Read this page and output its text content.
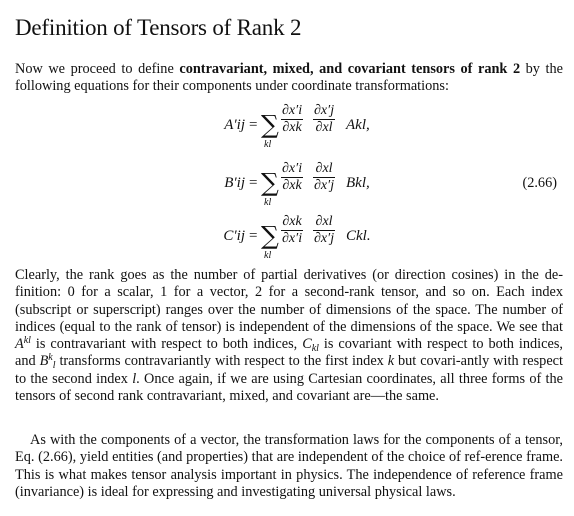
Definition of Tensors of Rank 2
Now we proceed to define contravariant, mixed, and covariant tensors of rank 2 by the following equations for their components under coordinate transformations:
A′ij = ∑
kl
$\frac{\partial x'i}{\partial xk} \frac{\partial x'j}{\partial xl}$ Akl,
B′ij = ∑
kl
$\frac{\partial x'i}{\partial xk} \frac{\partial xl}{\partial x'j}$ Bkl,	(2.66)
C′ij = ∑
kl
$\frac{\partial xk}{\partial x'i} \frac{\partial xl}{\partial x'j}$ Ckl.
Clearly, the rank goes as the number of partial derivatives (or direction cosines) in the de-finition: 0 for a scalar, 1 for a vector, 2 for a second-rank tensor, and so on. Each index (subscript or superscript) ranges over the number of dimensions of the space. The number of indices (equal to the rank of tensor) is independent of the dimensions of the space. We see that $A^{kl}$ is contravariant with respect to both indices, $C_{kl}$ is covariant with respect to both indices, and $B^k_l$ transforms contravariantly with respect to the first index k but covari-antly with respect to the second index l. Once again, if we are using Cartesian coordinates, all three forms of the tensors of second rank contravariant, mixed, and covariant are—the same.
As with the components of a vector, the transformation laws for the components of a tensor, Eq. (2.66), yield entities (and properties) that are independent of the choice of ref-erence frame. This is what makes tensor analysis important in physics. The independence of reference frame (invariance) is ideal for expressing and investigating universal physical laws.
